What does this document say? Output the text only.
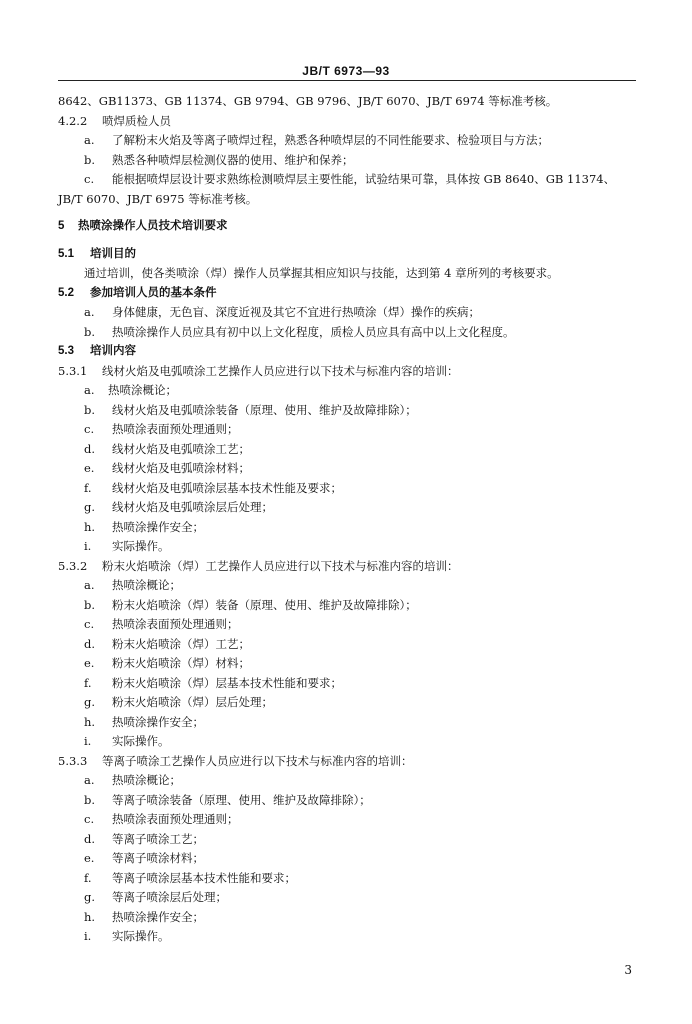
JB/T 6973—93
8642、GB11373、GB 11374、GB 9794、GB 9796、JB/T 6070、JB/T 6974 等标准考核。
4.2.2 喷焊质检人员
a. 了解粉末火焰及等离子喷焊过程，熟悉各种喷焊层的不同性能要求、检验项目与方法；
b. 熟悉各种喷焊层检测仪器的使用、维护和保养；
c. 能根据喷焊层设计要求熟练检测喷焊层主要性能，试验结果可靠，具体按 GB 8640、GB 11374、
JB/T 6070、JB/T 6975 等标准考核。
5 热喷涂操作人员技术培训要求
5.1 培训目的
通过培训，使各类喷涂（焊）操作人员掌握其相应知识与技能，达到第 4 章所列的考核要求。
5.2 参加培训人员的基本条件
a. 身体健康，无色盲、深度近视及其它不宜进行热喷涂（焊）操作的疾病；
b. 热喷涂操作人员应具有初中以上文化程度，质检人员应具有高中以上文化程度。
5.3 培训内容
5.3.1 线材火焰及电弧喷涂工艺操作人员应进行以下技术与标准内容的培训：
a. 热喷涂概论；
b. 线材火焰及电弧喷涂装备（原理、使用、维护及故障排除）；
c. 热喷涂表面预处理通则；
d. 线材火焰及电弧喷涂工艺；
e. 线材火焰及电弧喷涂材料；
f. 线材火焰及电弧喷涂层基本技术性能及要求；
g. 线材火焰及电弧喷涂层后处理；
h. 热喷涂操作安全；
i. 实际操作。
5.3.2 粉末火焰喷涂（焊）工艺操作人员应进行以下技术与标准内容的培训：
a. 热喷涂概论；
b. 粉末火焰喷涂（焊）装备（原理、使用、维护及故障排除）；
c. 热喷涂表面预处理通则；
d. 粉末火焰喷涂（焊）工艺；
e. 粉末火焰喷涂（焊）材料；
f. 粉末火焰喷涂（焊）层基本技术性能和要求；
g. 粉末火焰喷涂（焊）层后处理；
h. 热喷涂操作安全；
i. 实际操作。
5.3.3 等离子喷涂工艺操作人员应进行以下技术与标准内容的培训：
a. 热喷涂概论；
b. 等离子喷涂装备（原理、使用、维护及故障排除）；
c. 热喷涂表面预处理通则；
d. 等离子喷涂工艺；
e. 等离子喷涂材料；
f. 等离子喷涂层基本技术性能和要求；
g. 等离子喷涂层后处理；
h. 热喷涂操作安全；
i. 实际操作。
3
